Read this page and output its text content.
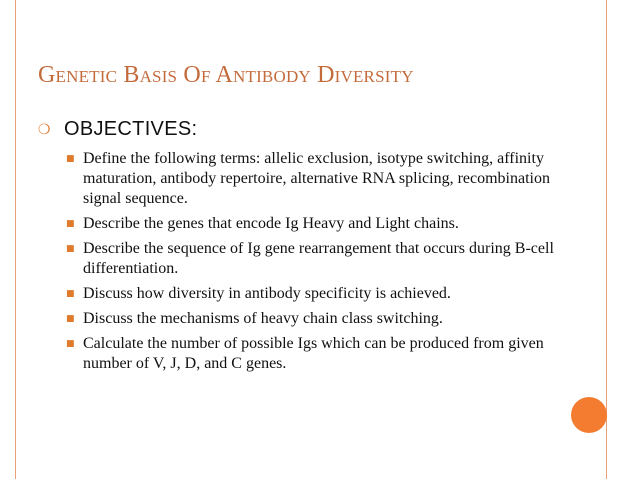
Genetic Basis Of Antibody Diversity
❍ OBJECTIVES:
■ Define the following terms: allelic exclusion, isotype switching, affinity maturation, antibody repertoire, alternative RNA splicing, recombination signal sequence.
■ Describe the genes that encode Ig Heavy and Light chains.
■ Describe the sequence of Ig gene rearrangement that occurs during B-cell differentiation.
■ Discuss how diversity in antibody specificity is achieved.
■ Discuss the mechanisms of heavy chain class switching.
■ Calculate the number of possible Igs which can be produced from given number of V, J, D, and C genes.
